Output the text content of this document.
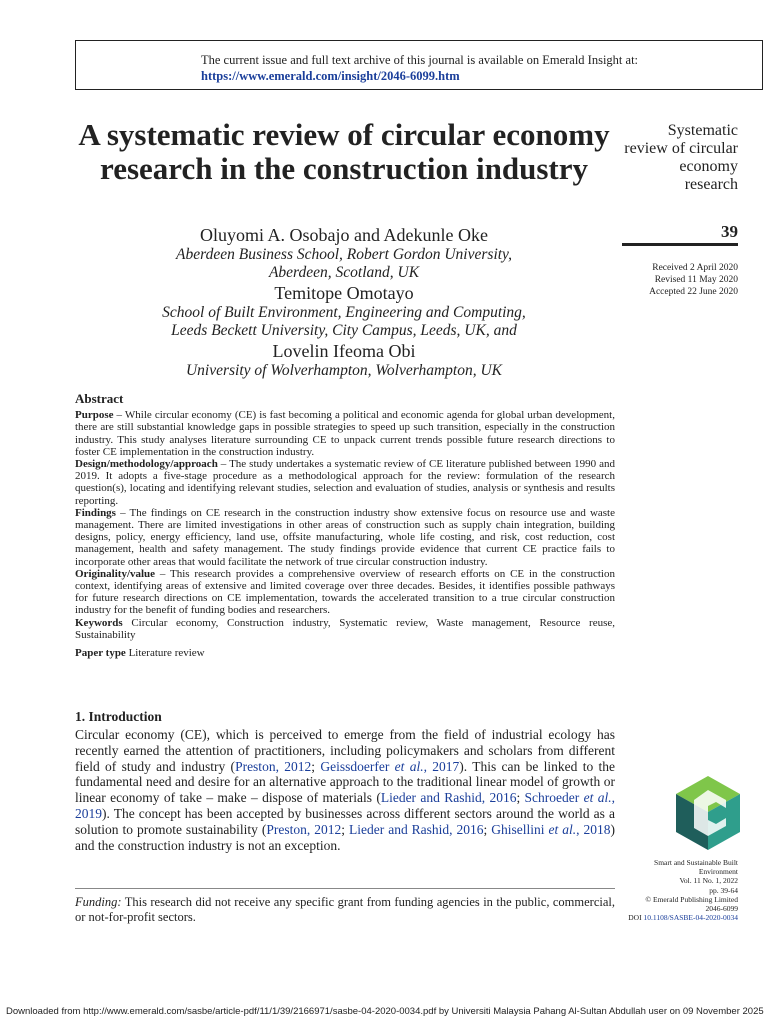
The current issue and full text archive of this journal is available on Emerald Insight at:
https://www.emerald.com/insight/2046-6099.htm
A systematic review of circular economy research in the construction industry
Oluyomi A. Osobajo and Adekunle Oke
Aberdeen Business School, Robert Gordon University,
Aberdeen, Scotland, UK
Temitope Omotayo
School of Built Environment, Engineering and Computing,
Leeds Beckett University, City Campus, Leeds, UK, and
Lovelin Ifeoma Obi
University of Wolverhampton, Wolverhampton, UK
Systematic
review of circular
economy
research
39
Received 2 April 2020
Revised 11 May 2020
Accepted 22 June 2020
Abstract

Purpose – While circular economy (CE) is fast becoming a political and economic agenda for global urban development, there are still substantial knowledge gaps in possible strategies to speed up such transition, especially in the construction industry. This study analyses literature surrounding CE to unpack current trends possible future research directions to foster CE implementation in the construction industry.

Design/methodology/approach – The study undertakes a systematic review of CE literature published between 1990 and 2019. It adopts a five-stage procedure as a methodological approach for the review: formulation of the research question(s), locating and identifying relevant studies, selection and evaluation of studies, analysis or synthesis and results reporting.

Findings – The findings on CE research in the construction industry show extensive focus on resource use and waste management. There are limited investigations in other areas of construction such as supply chain integration, building designs, policy, energy efficiency, land use, offsite manufacturing, whole life costing, and risk, cost reduction, cost management, health and safety management. The study findings provide evidence that current CE practice fails to incorporate other areas that would facilitate the network of true circular construction industry.

Originality/value – This research provides a comprehensive overview of research efforts on CE in the construction context, identifying areas of extensive and limited coverage over three decades. Besides, it identifies possible pathways for future research directions on CE implementation, towards the accelerated transition to a true circular construction industry for the benefit of funding bodies and researchers.

Keywords Circular economy, Construction industry, Systematic review, Waste management, Resource reuse, Sustainability

Paper type Literature review

1. Introduction

Circular economy (CE), which is perceived to emerge from the field of industrial ecology has recently earned the attention of practitioners, including policymakers and scholars from different field of study and industry (Preston, 2012; Geissdoerfer et al., 2017). This can be linked to the fundamental need and desire for an alternative approach to the traditional linear model of growth or linear economy of take – make – dispose of materials (Lieder and Rashid, 2016; Schroeder et al., 2019). The concept has been accepted by businesses across different sectors around the world as a solution to promote sustainability (Preston, 2012; Lieder and Rashid, 2016; Ghisellini et al., 2018) and the construction industry is not an exception.

Funding: This research did not receive any specific grant from funding agencies in the public, commercial, or not-for-profit sectors.

Smart and Sustainable Built
Environment
Vol. 11 No. 1, 2022
pp. 39-64
© Emerald Publishing Limited
2046-6099
DOI 10.1108/SASBE-04-2020-0034
Downloaded from http://www.emerald.com/sasbe/article-pdf/11/1/39/2166971/sasbe-04-2020-0034.pdf by Universiti Malaysia Pahang Al-Sultan Abdullah user on 09 November 2025
